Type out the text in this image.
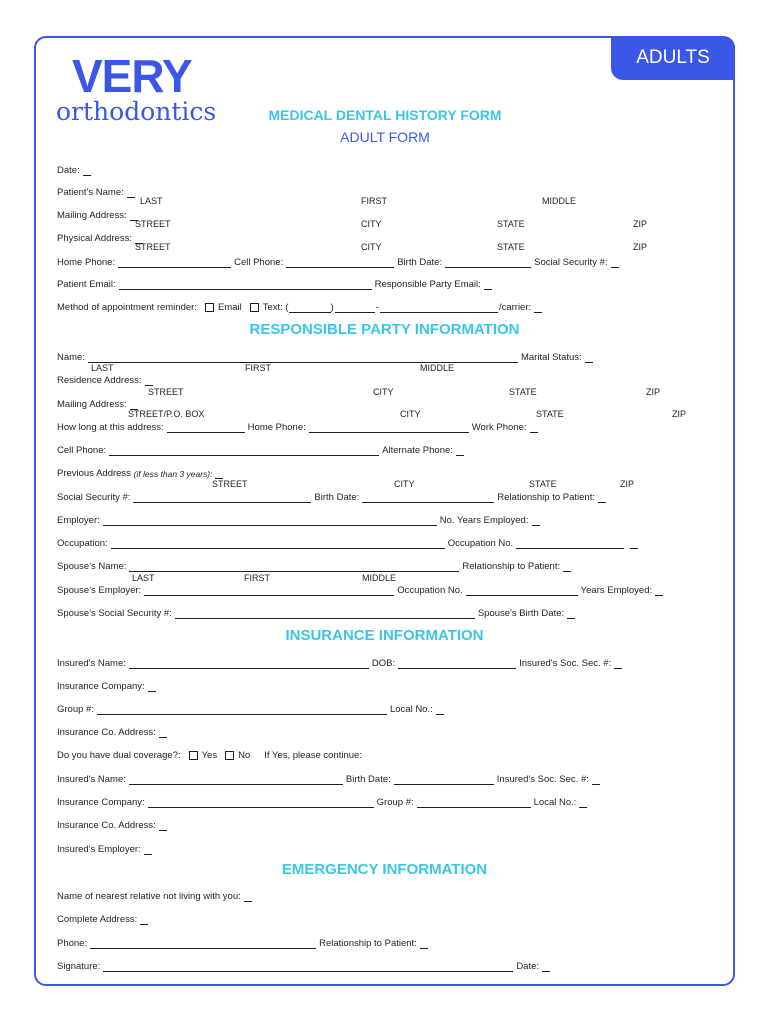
ADULTS
VERY
orthodontics	MEDICAL DENTAL HISTORY FORM
ADULT FORM
Date:
Patient's Name:
LAST	FIRST	MIDDLE
Mailing Address:
STREET	CITY	STATE	ZIP
Physical Address:
STREET	CITY	STATE	ZIP
Home Phone:	Cell Phone:	Birth Date:	Social Security #:
Patient Email:	Responsible Party Email:
Method of appointment reminder: Email Text: (	)	-	/carrier:
RESPONSIBLE PARTY INFORMATION
Name:	Marital Status:
LAST	FIRST	MIDDLE
Residence Address:
STREET	CITY	STATE	ZIP
Mailing Address:
STREET/P.O. BOX	CITY	STATE	ZIP
How long at this address:	Home Phone:	Work Phone:
Cell Phone:	Alternate Phone:
Previous Address
(if less than 3 years):
STREET	CITY	STATE	ZIP
Social Security #:	Birth Date:	Relationship to Patient:
Employer:	No. Years Employed:
Occupation:	Occupation No.
Spouse's Name:	Relationship to Patient:
LAST	FIRST	MIDDLE
Spouse's Employer:	Occupation No.	Years Employed:
Spouse's Social Security #:	Spouse's Birth Date:
INSURANCE INFORMATION
Insured's Name:	DOB:	Insured's Soc. Sec. #:
Insurance Company:
Group #:	Local No.:
Insurance Co. Address:
Do you have dual coverage?: Yes No If Yes, please continue:
Insured's Name:	Birth Date:	Insured's Soc. Sec. #:
Insurance Company:	Group #:	Local No.:
Insurance Co. Address:
Insured's Employer:
EMERGENCY INFORMATION
Name of nearest relative not living with you:
Complete Address:
Phone:	Relationship to Patient:
Signature:	Date:
